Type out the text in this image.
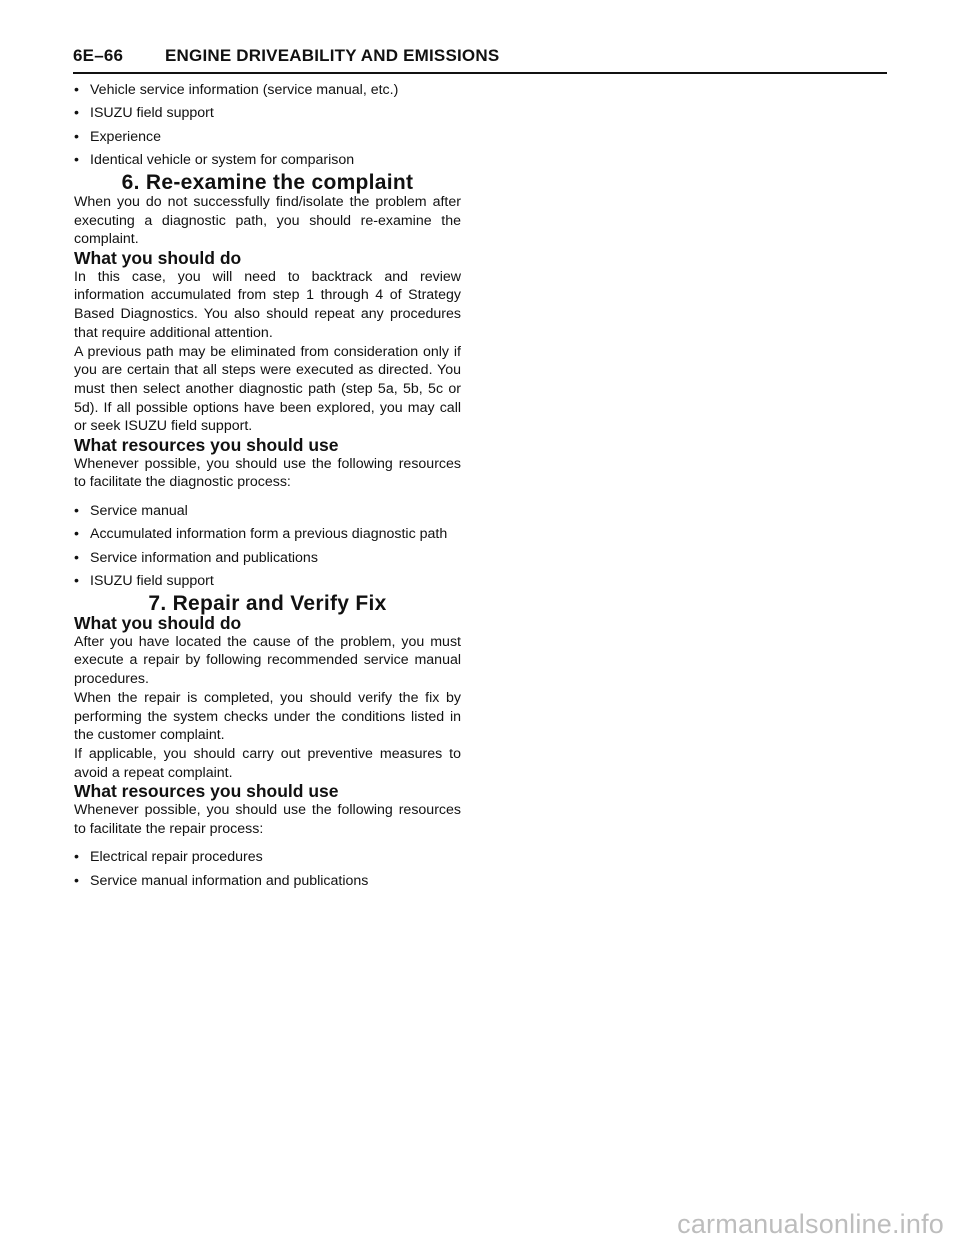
6E–66 ENGINE DRIVEABILITY AND EMISSIONS
• Vehicle service information (service manual, etc.)
• ISUZU field support
• Experience
• Identical vehicle or system for comparison
6. Re-examine the complaint

When you do not successfully find/isolate the problem after executing a diagnostic path, you should re-examine the complaint.

What you should do

In this case, you will need to backtrack and review information accumulated from step 1 through 4 of Strategy Based Diagnostics. You also should repeat any procedures that require additional attention.

A previous path may be eliminated from consideration only if you are certain that all steps were executed as directed. You must then select another diagnostic path (step 5a, 5b, 5c or 5d). If all possible options have been explored, you may call or seek ISUZU field support.

What resources you should use

Whenever possible, you should use the following resources to facilitate the diagnostic process:

• Service manual
• Accumulated information form a previous diagnostic path
• Service information and publications
• ISUZU field support
7. Repair and Verify Fix
What you should do

After you have located the cause of the problem, you must execute a repair by following recommended service manual procedures.

When the repair is completed, you should verify the fix by performing the system checks under the conditions listed in the customer complaint.

If applicable, you should carry out preventive measures to avoid a repeat complaint.

What resources you should use

Whenever possible, you should use the following resources to facilitate the repair process:

• Electrical repair procedures
• Service manual information and publications
carmanualsonline.info
